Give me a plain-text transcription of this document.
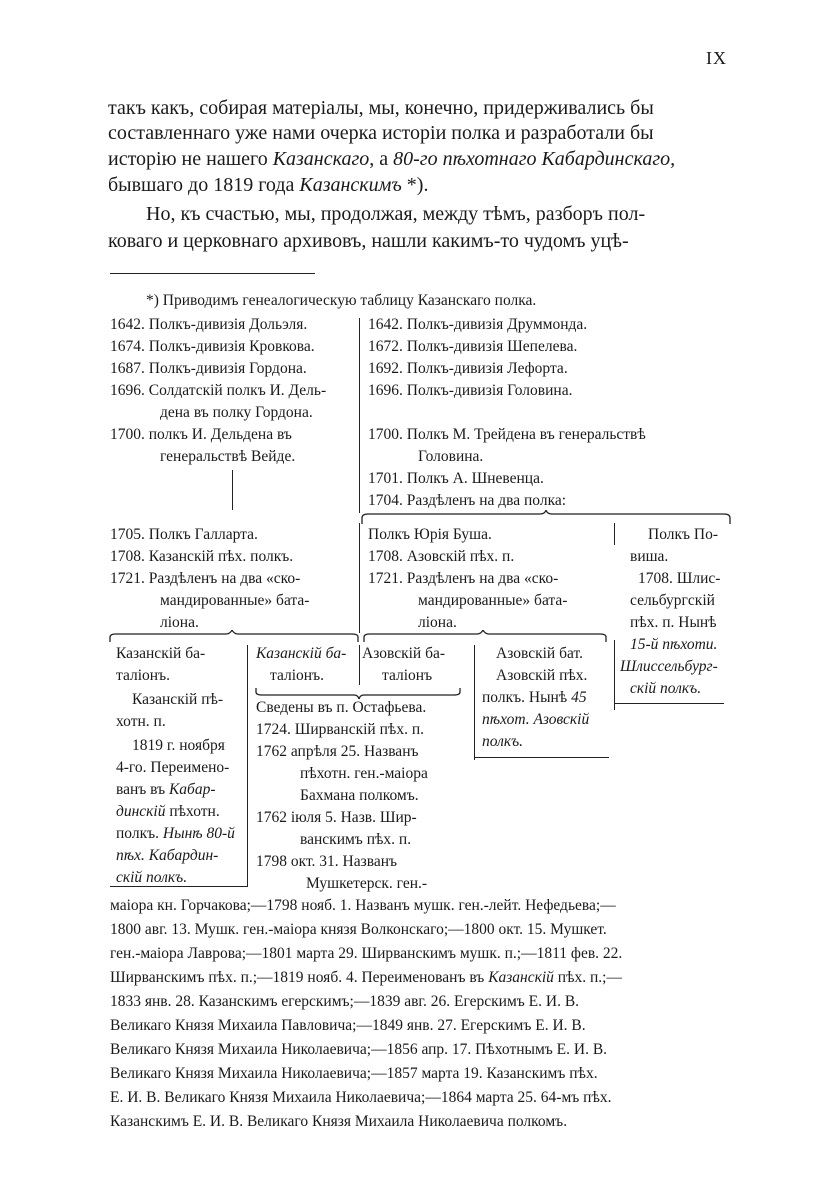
IX
такъ какъ, собирая матеріалы, мы, конечно, придерживались бы
составленнаго уже нами очерка исторіи полка и разработали бы
исторію не нашего Казанскаго, а 80-го пѣхотнаго Кабардинскаго,
бывшаго до 1819 года Казанскимъ *).
Но, къ счастью, мы, продолжая, между тѣмъ, разборъ пол-
коваго и церковнаго архивовъ, нашли какимъ-то чудомъ уцѣ-
*) Приводимъ генеалогическую таблицу Казанскаго полка.
1642. Полкъ-дивизія Дольэля.
1674. Полкъ-дивизія Кровкова.
1687. Полкъ-дивизія Гордона.
1696. Солдатскій полкъ И. Дель-
дена въ полку Гордона.
1700. полкъ И. Дельдена въ
генеральствѣ Вейде.
1642. Полкъ-дивизія Друммонда.
1672. Полкъ-дивизія Шепелева.
1692. Полкъ-дивизія Лефорта.
1696. Полкъ-дивизія Головина.
1700. Полкъ М. Трейдена въ генеральствѣ
Головина.
1701. Полкъ А. Шневенца.
1704. Раздѣленъ на два полка:
1705. Полкъ Галларта.
1708. Казанскій пѣх. полкъ.
1721. Раздѣленъ на два «ско-
мандированные» бата-
ліона.
Полкъ Юрія Буша.
1708. Азовскій пѣх. п.
1721. Раздѣленъ на два «ско-
мандированные» бата-
ліона.
Полкъ По-
виша.
1708. Шлис-
сельбургскій
пѣх. п. Нынѣ
15-й пѣхоти.
Шлиссельбург-
скій полкъ.
Казанскій ба-
таліонъ.
Казанскій пѣ-
хотн. п.
1819 г. ноября
4-го. Переимено-
ванъ въ Кабар-
динскій пѣхотн.
полкъ. Нынѣ 80-й
пѣх. Кабардин-
скій полкъ.
Казанскій ба-
таліонъ.
Азовскій ба-
таліонъ
Сведены въ п. Остафьева.
1724. Ширванскій пѣх. п.
1762 апрѣля 25. Названъ
пѣхотн. ген.-маіора
Бахмана полкомъ.
1762 іюля 5. Назв. Шир-
ванскимъ пѣх. п.
1798 окт. 31. Названъ
Мушкетерск. ген.-
Азовскій бат.
Азовскій пѣх.
полкъ. Нынѣ 45
пѣхот. Азовскій
полкъ.
маіора кн. Горчакова;—1798 нояб. 1. Названъ мушк. ген.-лейт. Нефедьева;—
1800 авг. 13. Мушк. ген.-маіора князя Волконскаго;—1800 окт. 15. Мушкет.
ген.-маіора Лаврова;—1801 марта 29. Ширванскимъ мушк. п.;—1811 фев. 22.
Ширванскимъ пѣх. п.;—1819 нояб. 4. Переименованъ въ Казанскій пѣх. п.;—
1833 янв. 28. Казанскимъ егерскимъ;—1839 авг. 26. Егерскимъ Е. И. В.
Великаго Князя Михаила Павловича;—1849 янв. 27. Егерскимъ Е. И. В.
Великаго Князя Михаила Николаевича;—1856 апр. 17. Пѣхотнымъ Е. И. В.
Великаго Князя Михаила Николаевича;—1857 марта 19. Казанскимъ пѣх.
Е. И. В. Великаго Князя Михаила Николаевича;—1864 марта 25. 64-мъ пѣх.
Казанскимъ Е. И. В. Великаго Князя Михаила Николаевича полкомъ.
